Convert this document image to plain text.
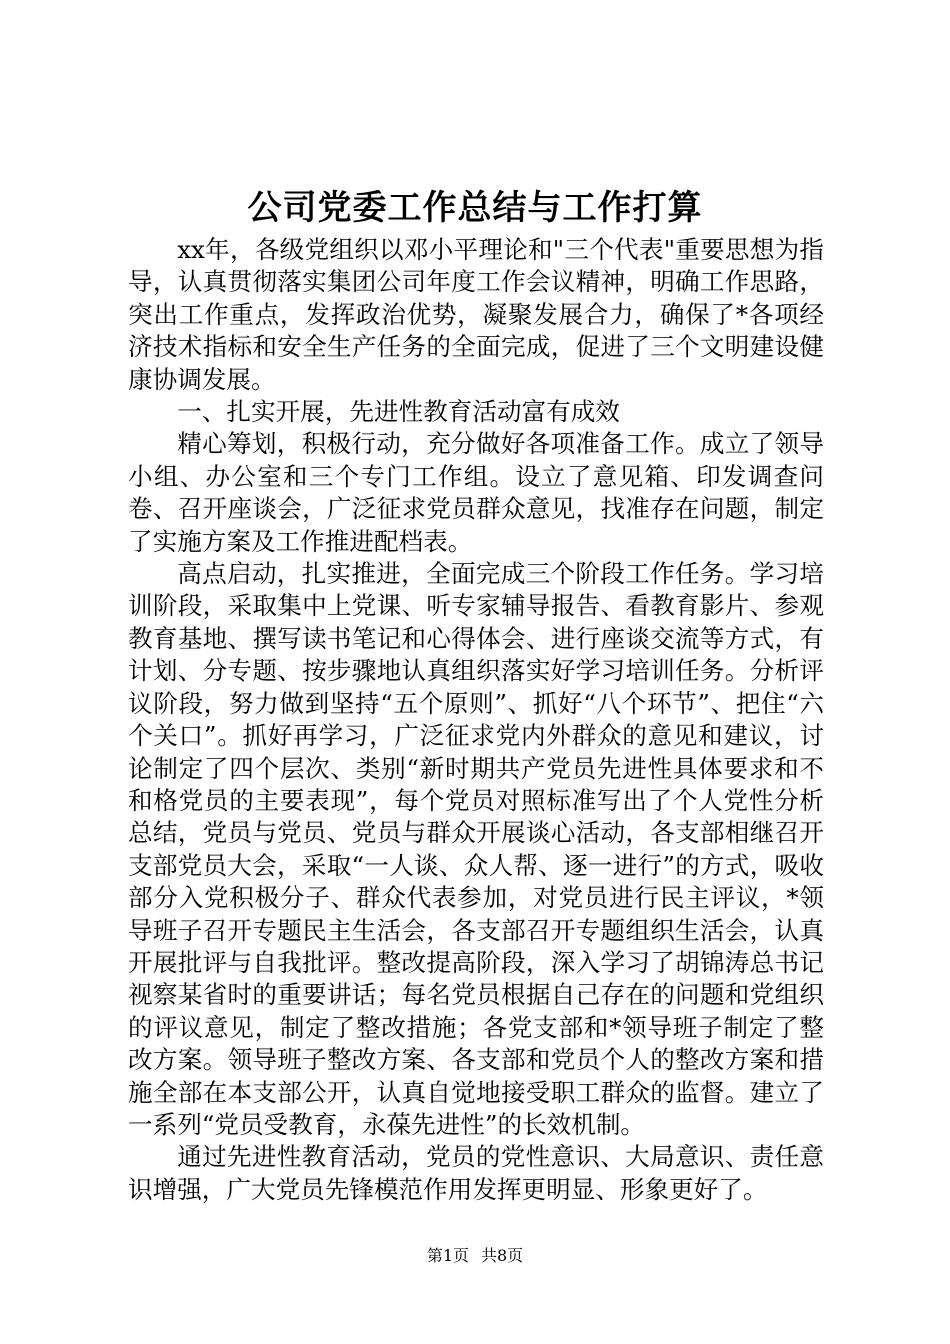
公司党委工作总结与工作打算

xx年，各级党组织以邓小平理论和"三个代表"重要思想为指导，认真贯彻落实集团公司年度工作会议精神，明确工作思路，突出工作重点，发挥政治优势，凝聚发展合力，确保了*各项经济技术指标和安全生产任务的全面完成，促进了三个文明建设健康协调发展。

一、扎实开展，先进性教育活动富有成效

精心筹划，积极行动，充分做好各项准备工作。成立了领导小组、办公室和三个专门工作组。设立了意见箱、印发调查问卷、召开座谈会，广泛征求党员群众意见，找准存在问题，制定了实施方案及工作推进配档表。

高点启动，扎实推进，全面完成三个阶段工作任务。学习培训阶段，采取集中上党课、听专家辅导报告、看教育影片、参观教育基地、撰写读书笔记和心得体会、进行座谈交流等方式，有计划、分专题、按步骤地认真组织落实好学习培训任务。分析评议阶段，努力做到坚持“五个原则”、抓好“八个环节”、把住“六个关口”。抓好再学习，广泛征求党内外群众的意见和建议，讨论制定了四个层次、类别“新时期共产党员先进性具体要求和不和格党员的主要表现”，每个党员对照标准写出了个人党性分析总结，党员与党员、党员与群众开展谈心活动，各支部相继召开支部党员大会，采取“一人谈、众人帮、逐一进行”的方式，吸收部分入党积极分子、群众代表参加，对党员进行民主评议，*领导班子召开专题民主生活会，各支部召开专题组织生活会，认真开展批评与自我批评。整改提高阶段，深入学习了胡锦涛总书记视察某省时的重要讲话；每名党员根据自己存在的问题和党组织的评议意见，制定了整改措施；各党支部和*领导班子制定了整改方案。领导班子整改方案、各支部和党员个人的整改方案和措施全部在本支部公开，认真自觉地接受职工群众的监督。建立了一系列“党员受教育，永葆先进性”的长效机制。

通过先进性教育活动，党员的党性意识、大局意识、责任意识增强，广大党员先锋模范作用发挥更明显、形象更好了。

第1页 共8页
